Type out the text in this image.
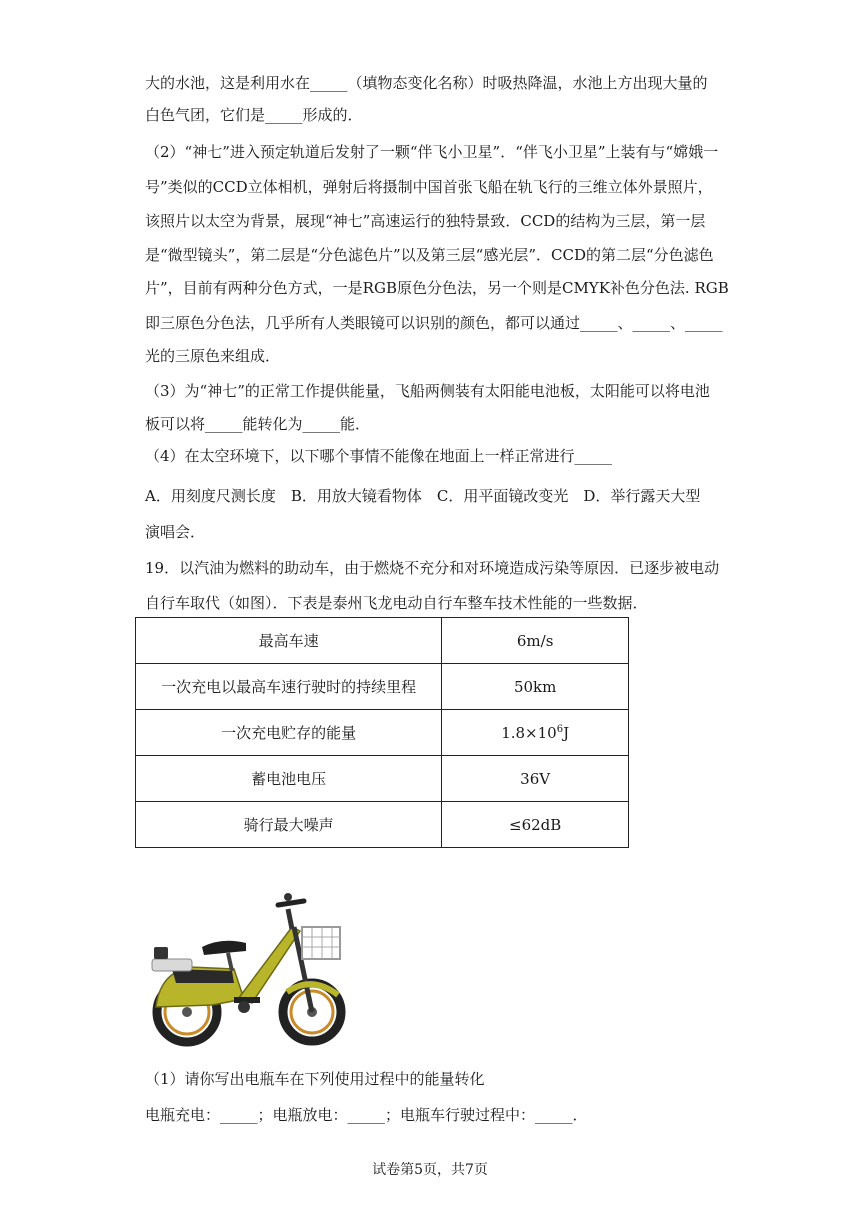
大的水池，这是利用水在_____（填物态变化名称）时吸热降温，水池上方出现大量的
白色气团，它们是_____形成的．
（2）“神七”进入预定轨道后发射了一颗“伴飞小卫星”．“伴飞小卫星”上装有与“嫦娥一
号”类似的CCD立体相机，弹射后将摄制中国首张飞船在轨飞行的三维立体外景照片，
该照片以太空为背景，展现“神七”高速运行的独特景致．CCD的结构为三层，第一层
是“微型镜头”，第二层是“分色滤色片”以及第三层“感光层”．CCD的第二层“分色滤色
片”，目前有两种分色方式，一是RGB原色分色法，另一个则是CMYK补色分色法. RGB
即三原色分色法，几乎所有人类眼镜可以识别的颜色，都可以通过_____、_____、_____
光的三原色来组成．
（3）为“神七”的正常工作提供能量，飞船两侧装有太阳能电池板，太阳能可以将电池
板可以将_____能转化为_____能．
（4）在太空环境下，以下哪个事情不能像在地面上一样正常进行_____
A．用刻度尺测长度　B．用放大镜看物体　C．用平面镜改变光　D．举行露天大型
演唱会．
19．以汽油为燃料的助动车，由于燃烧不充分和对环境造成污染等原因．已逐步被电动
自行车取代（如图）．下表是泰州飞龙电动自行车整车技术性能的一些数据．
最高车速	6m/s
一次充电以最高车速行驶时的持续里程	50km
一次充电贮存的能量	$1.8\times 10^6J$
蓄电池电压	36V
骑行最大噪声	≤62dB
（1）请你写出电瓶车在下列使用过程中的能量转化
电瓶充电：_____；电瓶放电：_____；电瓶车行驶过程中：_____．
试卷第5页，共7页
